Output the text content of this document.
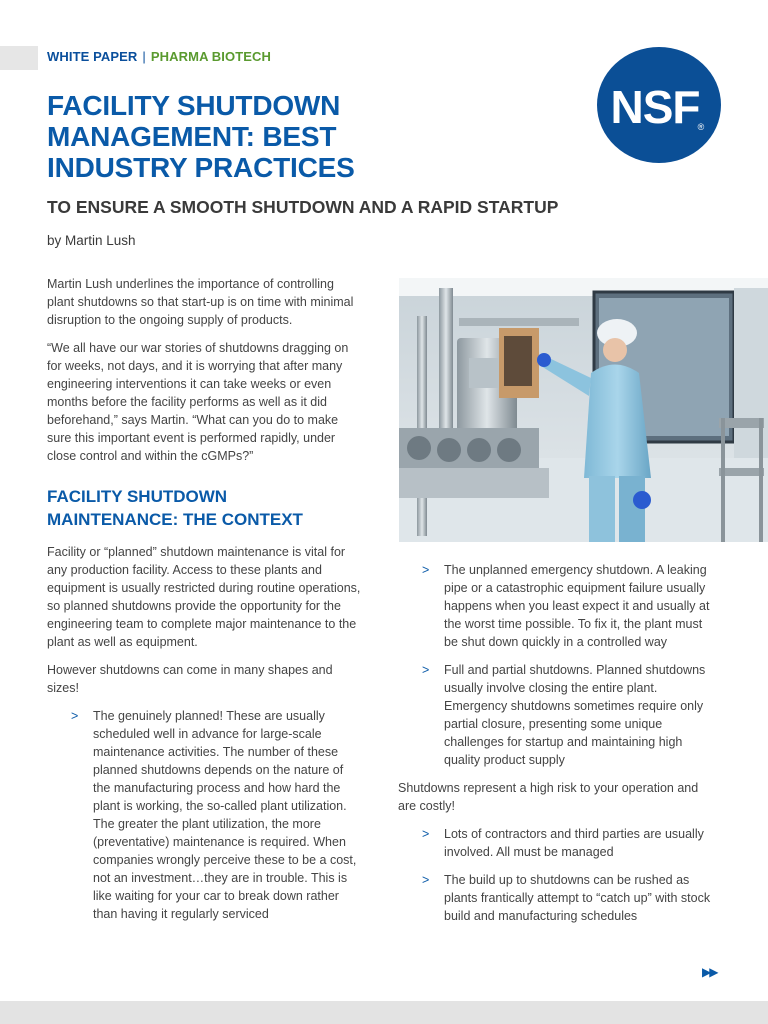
WHITE PAPER | PHARMA BIOTECH
NSF
®
FACILITY SHUTDOWN
MANAGEMENT: BEST
INDUSTRY PRACTICES
TO ENSURE A SMOOTH SHUTDOWN AND A RAPID STARTUP
by Martin Lush

Martin Lush underlines the importance of controlling plant shutdowns so that start-up is on time with minimal disruption to the ongoing supply of products.

“We all have our war stories of shutdowns dragging on for weeks, not days, and it is worrying that after many engineering interventions it can take weeks or even months before the facility performs as well as it did beforehand,” says Martin. “What can you do to make sure this important event is performed rapidly, under close control and within the cGMPs?”

FACILITY SHUTDOWN
MAINTENANCE: THE CONTEXT

Facility or “planned” shutdown maintenance is vital for any production facility. Access to these plants and equipment is usually restricted during routine operations, so planned shutdowns provide the opportunity for the engineering team to complete major maintenance to the plant as well as equipment.

However shutdowns can come in many shapes and sizes!

> The genuinely planned! These are usually scheduled well in advance for large-scale maintenance activities. The number of these planned shutdowns depends on the nature of the manufacturing process and how hard the plant is working, the so-called plant utilization. The greater the plant utilization, the more (preventative) maintenance is required. When companies wrongly perceive these to be a cost, not an investment…they are in trouble. This is like waiting for your car to break down rather than having it regularly serviced
> The unplanned emergency shutdown. A leaking pipe or a catastrophic equipment failure usually happens when you least expect it and usually at the worst time possible. To fix it, the plant must be shut down quickly in a controlled way
> Full and partial shutdowns. Planned shutdowns usually involve closing the entire plant. Emergency shutdowns sometimes require only partial closure, presenting some unique challenges for startup and maintaining high quality product supply

Shutdowns represent a high risk to your operation and are costly!

> Lots of contractors and third parties are usually involved. All must be managed
> The build up to shutdowns can be rushed as plants frantically attempt to “catch up” with stock build and manufacturing schedules
▶▶
